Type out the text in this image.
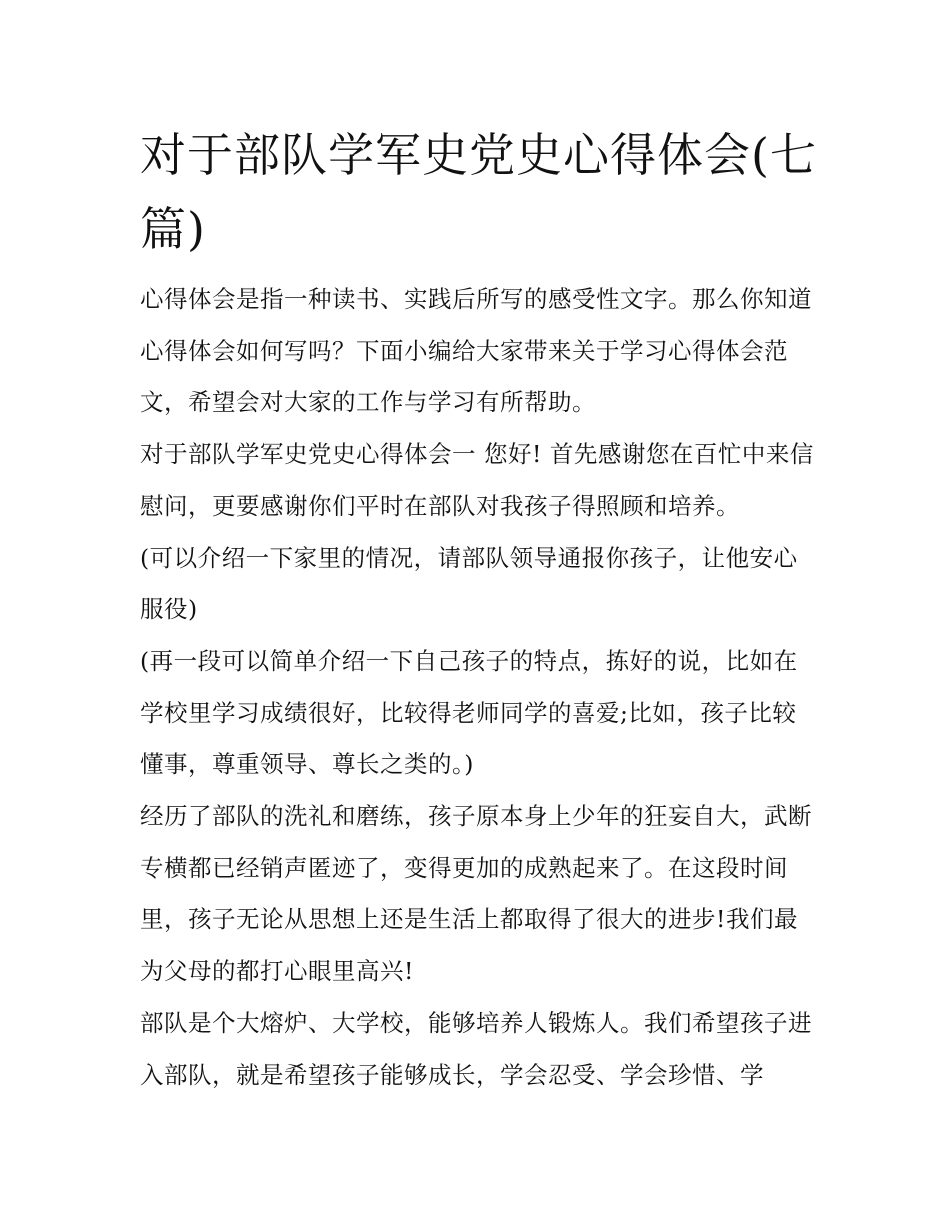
对于部队学军史党史心得体会(七篇)

心得体会是指一种读书、实践后所写的感受性文字。那么你知道心得体会如何写吗？下面小编给大家带来关于学习心得体会范文，希望会对大家的工作与学习有所帮助。

对于部队学军史党史心得体会一 您好! 首先感谢您在百忙中来信慰问，更要感谢你们平时在部队对我孩子得照顾和培养。

(可以介绍一下家里的情况，请部队领导通报你孩子，让他安心服役)

(再一段可以简单介绍一下自己孩子的特点，拣好的说，比如在学校里学习成绩很好，比较得老师同学的喜爱;比如，孩子比较懂事，尊重领导、尊长之类的。)

经历了部队的洗礼和磨练，孩子原本身上少年的狂妄自大，武断专横都已经销声匿迹了，变得更加的成熟起来了。在这段时间里，孩子无论从思想上还是生活上都取得了很大的进步!我们最为父母的都打心眼里高兴!

部队是个大熔炉、大学校，能够培养人锻炼人。我们希望孩子进入部队，就是希望孩子能够成长，学会忍受、学会珍惜、学
